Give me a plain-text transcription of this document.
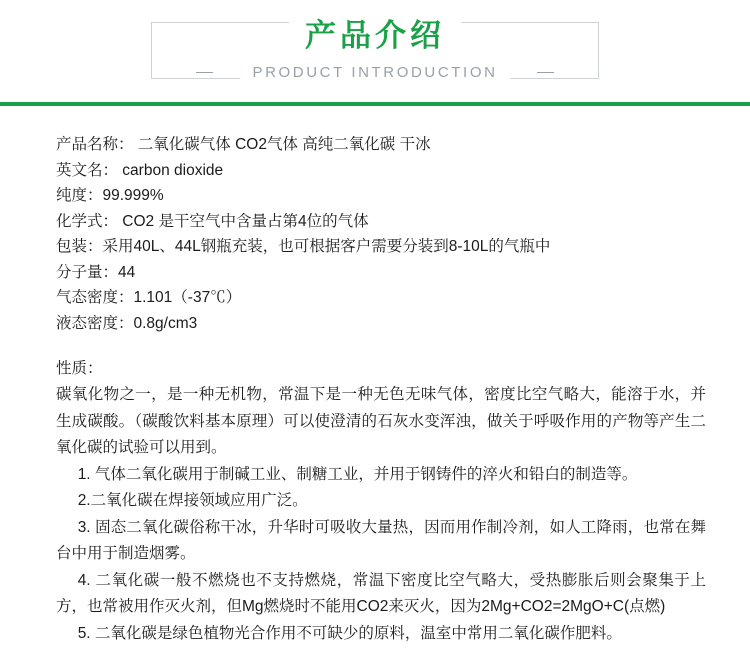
产品介绍
PRODUCT INTRODUCTION
产品名称： 二氧化碳气体 CO2气体 高纯二氧化碳 干冰
英文名： carbon dioxide
纯度：99.999%
化学式： CO2 是干空气中含量占第4位的气体
包装：采用40L、44L钢瓶充装，也可根据客户需要分装到8-10L的气瓶中
分子量：44
气态密度：1.101（-37℃）
液态密度：0.8g/cm3
性质：

碳氧化物之一，是一种无机物，常温下是一种无色无味气体，密度比空气略大，能溶于水，并生成碳酸。（碳酸饮料基本原理）可以使澄清的石灰水变浑浊，做关于呼吸作用的产物等产生二氧化碳的试验可以用到。

1. 气体二氧化碳用于制碱工业、制糖工业，并用于钢铸件的淬火和铅白的制造等。

2.二氧化碳在焊接领域应用广泛。

3. 固态二氧化碳俗称干冰，升华时可吸收大量热，因而用作制冷剂，如人工降雨，也常在舞台中用于制造烟雾。

4. 二氧化碳一般不燃烧也不支持燃烧，常温下密度比空气略大，受热膨胀后则会聚集于上方，也常被用作灭火剂，但Mg燃烧时不能用CO2来灭火，因为2Mg+CO2=2MgO+C(点燃)

5. 二氧化碳是绿色植物光合作用不可缺少的原料，温室中常用二氧化碳作肥料。
